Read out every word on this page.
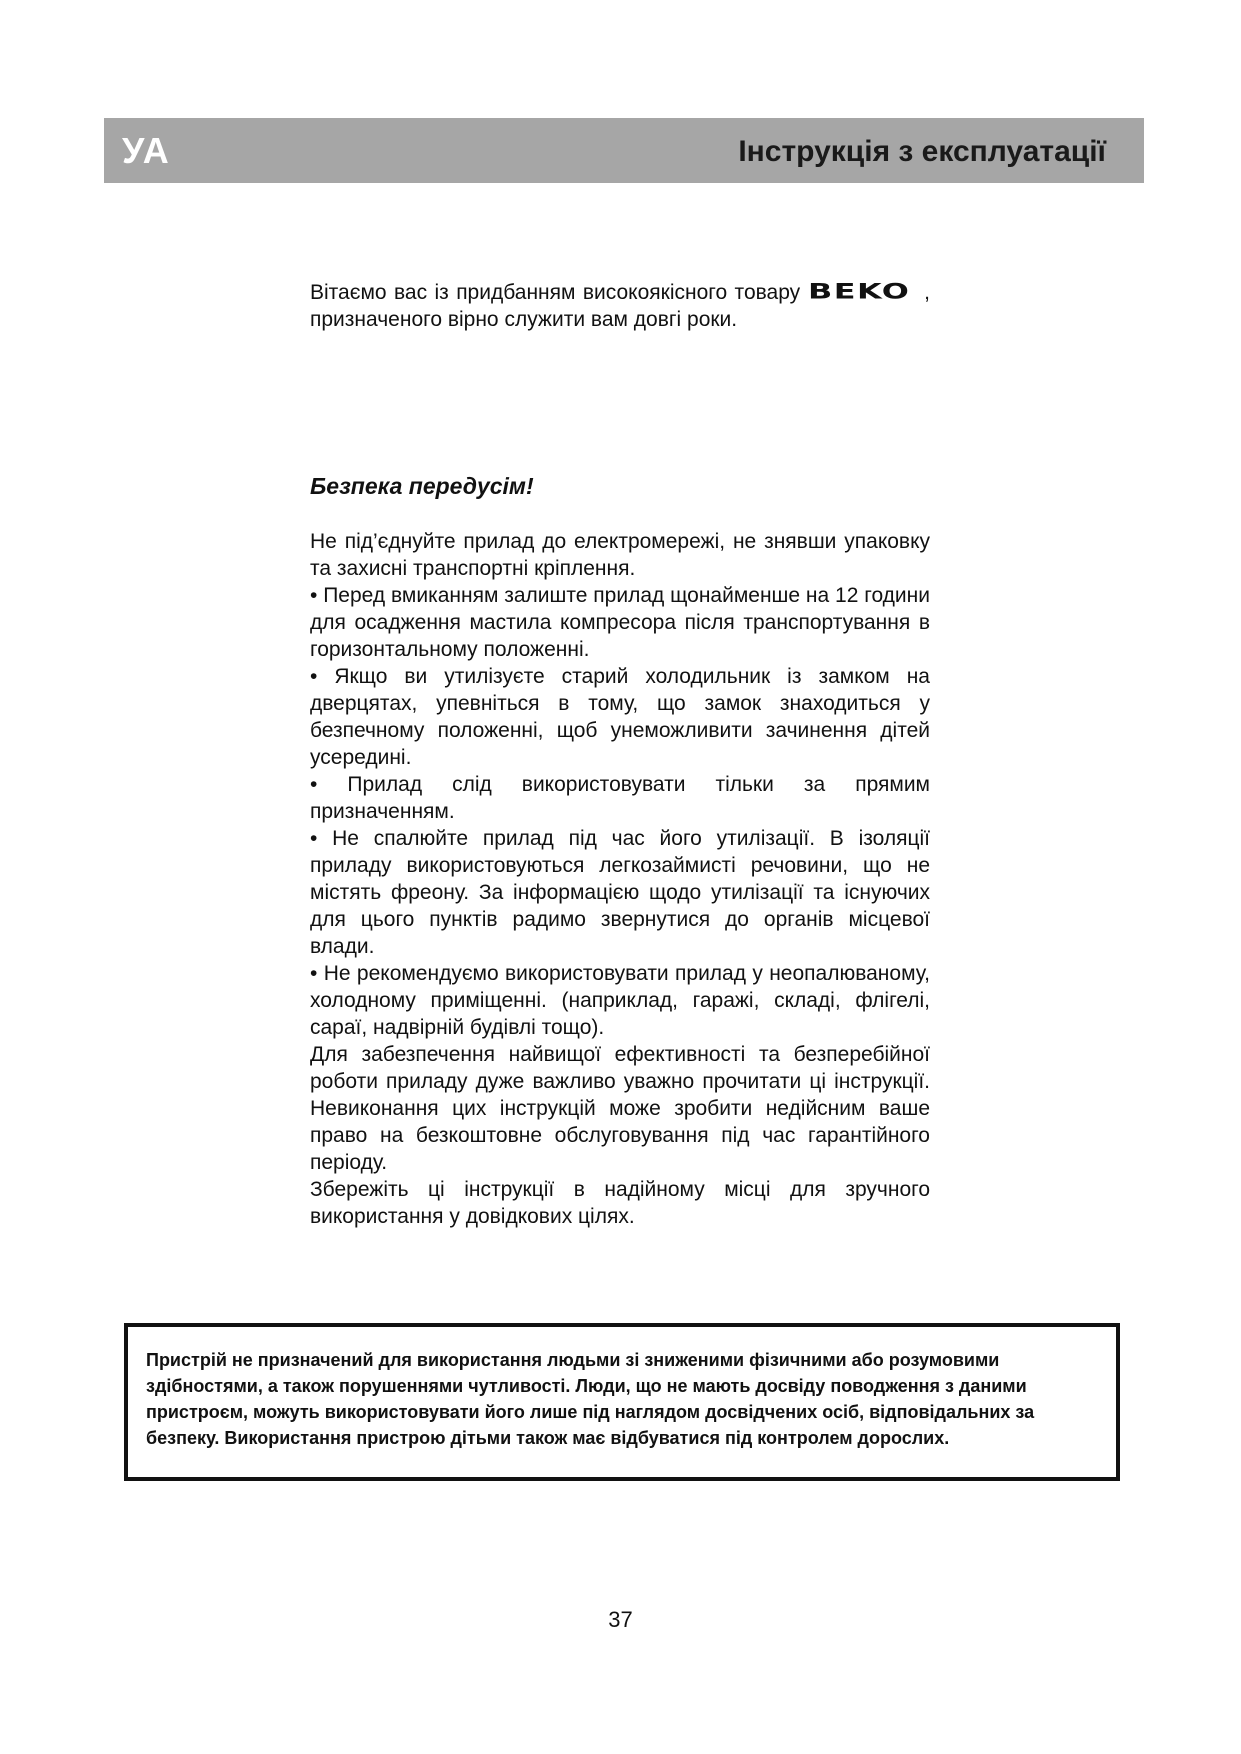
УА	Інструкція з експлуатації
Вітаємо вас із придбанням високоякісного товару BEKO , призначеного вірно служити вам довгі роки.
Безпека передусім!

Не під’єднуйте прилад до електромережі, не знявши упаковку та захисні транспортні кріплення.

• Перед вмиканням залиште прилад щонайменше на 12 години для осадження мастила компресора після транспортування в горизонтальному положенні.

• Якщо ви утилізуєте старий холодильник із замком на дверцятах, упевніться в тому, що замок знаходиться у безпечному положенні, щоб унеможливити зачинення дітей усередині.

• Прилад слід використовувати тільки за прямим призначенням.

• Не спалюйте прилад під час його утилізації. В ізоляції приладу використовуються легкозаймисті речовини, що не містять фреону. За інформацією щодо утилізації та існуючих для цього пунктів радимо звернутися до органів місцевої влади.

• Не рекомендуємо використовувати прилад у неопалюваному, холодному приміщенні. (наприклад, гаражі, складі, флігелі, сараї, надвірній будівлі тощо).

Для забезпечення найвищої ефективності та безперебійної роботи приладу дуже важливо уважно прочитати ці інструкції. Невиконання цих інструкцій може зробити недійсним ваше право на безкоштовне обслуговування під час гарантійного періоду.

Збережіть ці інструкції в надійному місці для зручного використання у довідкових цілях.

Пристрій не призначений для використання людьми зі зниженими фізичними або розумовими здібностями, а також порушеннями чутливості. Люди, що не мають досвіду поводження з даними пристроєм, можуть використовувати його лише під наглядом досвідчених осіб, відповідальних за безпеку. Використання пристрою дітьми також має відбуватися під контролем дорослих.

37
